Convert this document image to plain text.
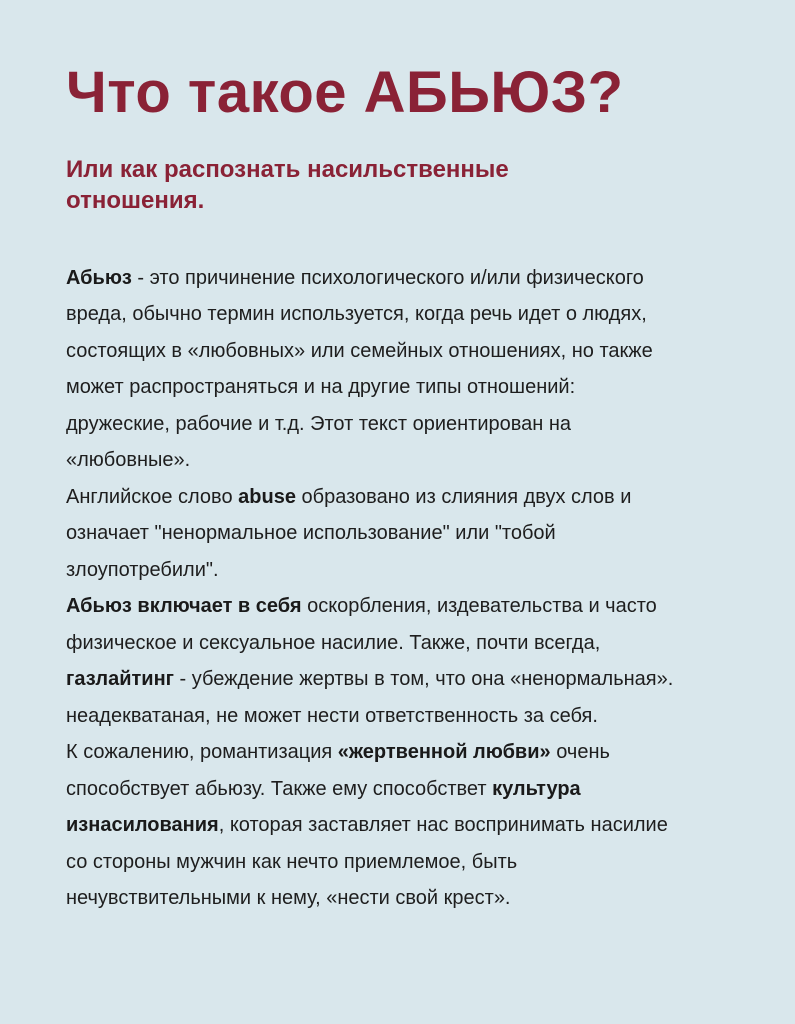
Что такое АБЬЮЗ?
Или как распознать насильственные
отношения.
Абьюз - это причинение психологического и/или физического
вреда, обычно термин используется, когда речь идет о людях,
состоящих в «любовных» или семейных отношениях, но также
может распространяться и на другие типы отношений:
дружеские, рабочие и т.д. Этот текст ориентирован на
«любовные».
Английское слово abuse образовано из слияния двух слов и
означает "ненормальное использование" или "тобой
злоупотребили".
Абьюз включает в себя оскорбления, издевательства и часто
физическое и сексуальное насилие. Также, почти всегда,
газлайтинг - убеждение жертвы в том, что она «ненормальная».
неадекватаная, не может нести ответственность за себя.
К сожалению, романтизация «жертвенной любви» очень
способствует абьюзу. Также ему способствет культура
изнасилования, которая заставляет нас воспринимать насилие
со стороны мужчин как нечто приемлемое, быть
нечувствительными к нему, «нести свой крест».
